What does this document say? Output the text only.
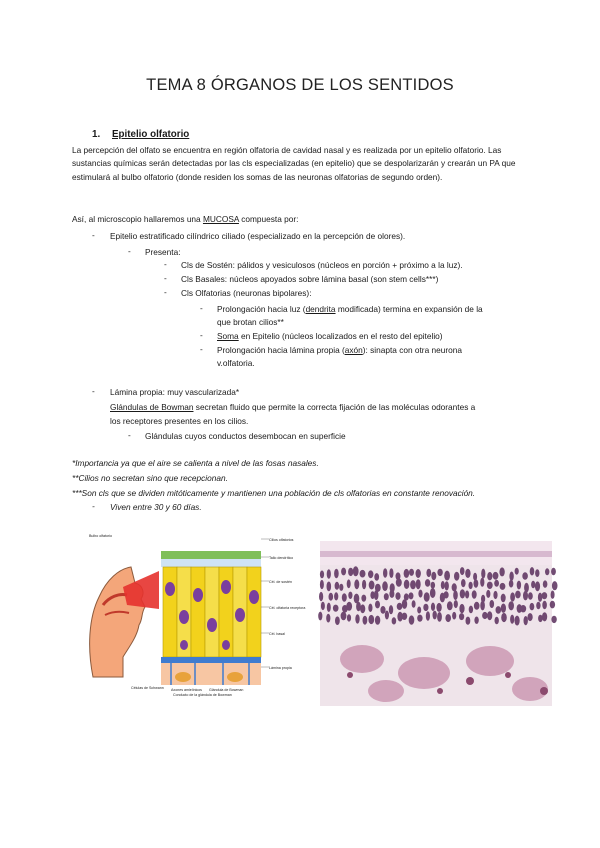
TEMA 8 ÓRGANOS DE LOS SENTIDOS
1. Epitelio olfatorio
La percepción del olfato se encuentra en región olfatoria de cavidad nasal y es realizada por un epitelio olfatorio. Las sustancias químicas serán detectadas por las cls especializadas (en epitelio) que se despolarizarán y crearán un PA que estimulará al bulbo olfatorio (donde residen los somas de las neuronas olfatorias de segundo orden).
Así, al microscopio hallaremos una MUCOSA compuesta por:
- Epitelio estratificado cilíndrico ciliado (especializado en la percepción de olores).
- Presenta:
- Cls de Sostén: pálidos y vesiculosos (núcleos en porción + próximo a la luz).
- Cls Basales: núcleos apoyados sobre lámina basal (son stem cells***)
- Cls Olfatorias (neuronas bipolares):
- Prolongación hacia luz (dendrita modificada) termina en expansión de la
que brotan cilios**
- Soma en Epitelio (núcleos localizados en el resto del epitelio)
- Prolongación hacia lámina propia (axón): sinapta con otra neurona
v.olfatoria.
- Lámina propia: muy vascularizada*
Glándulas de Bowman secretan fluido que permite la correcta fijación de las moléculas odorantes a
los receptores presentes en los cilios.
- Glándulas cuyos conductos desembocan en superficie
*Importancia ya que el aire se calienta a nivel de las fosas nasales.
**Cilios no secretan sino que recepcionan.
***Son cls que se dividen mitóticamente y mantienen una población de cls olfatorias en constante renovación.
- Viven entre 30 y 60 días.
Bulbo olfatorio
Cilios olfatorios
Tallo dendrítico
Cél. de sostén
Cél. olfatoria receptora
Cél. basal
Lámina propia
Células de Schwann Axones amielínicos Glándula de Bowman
Conducto de la glándula de Bowman
